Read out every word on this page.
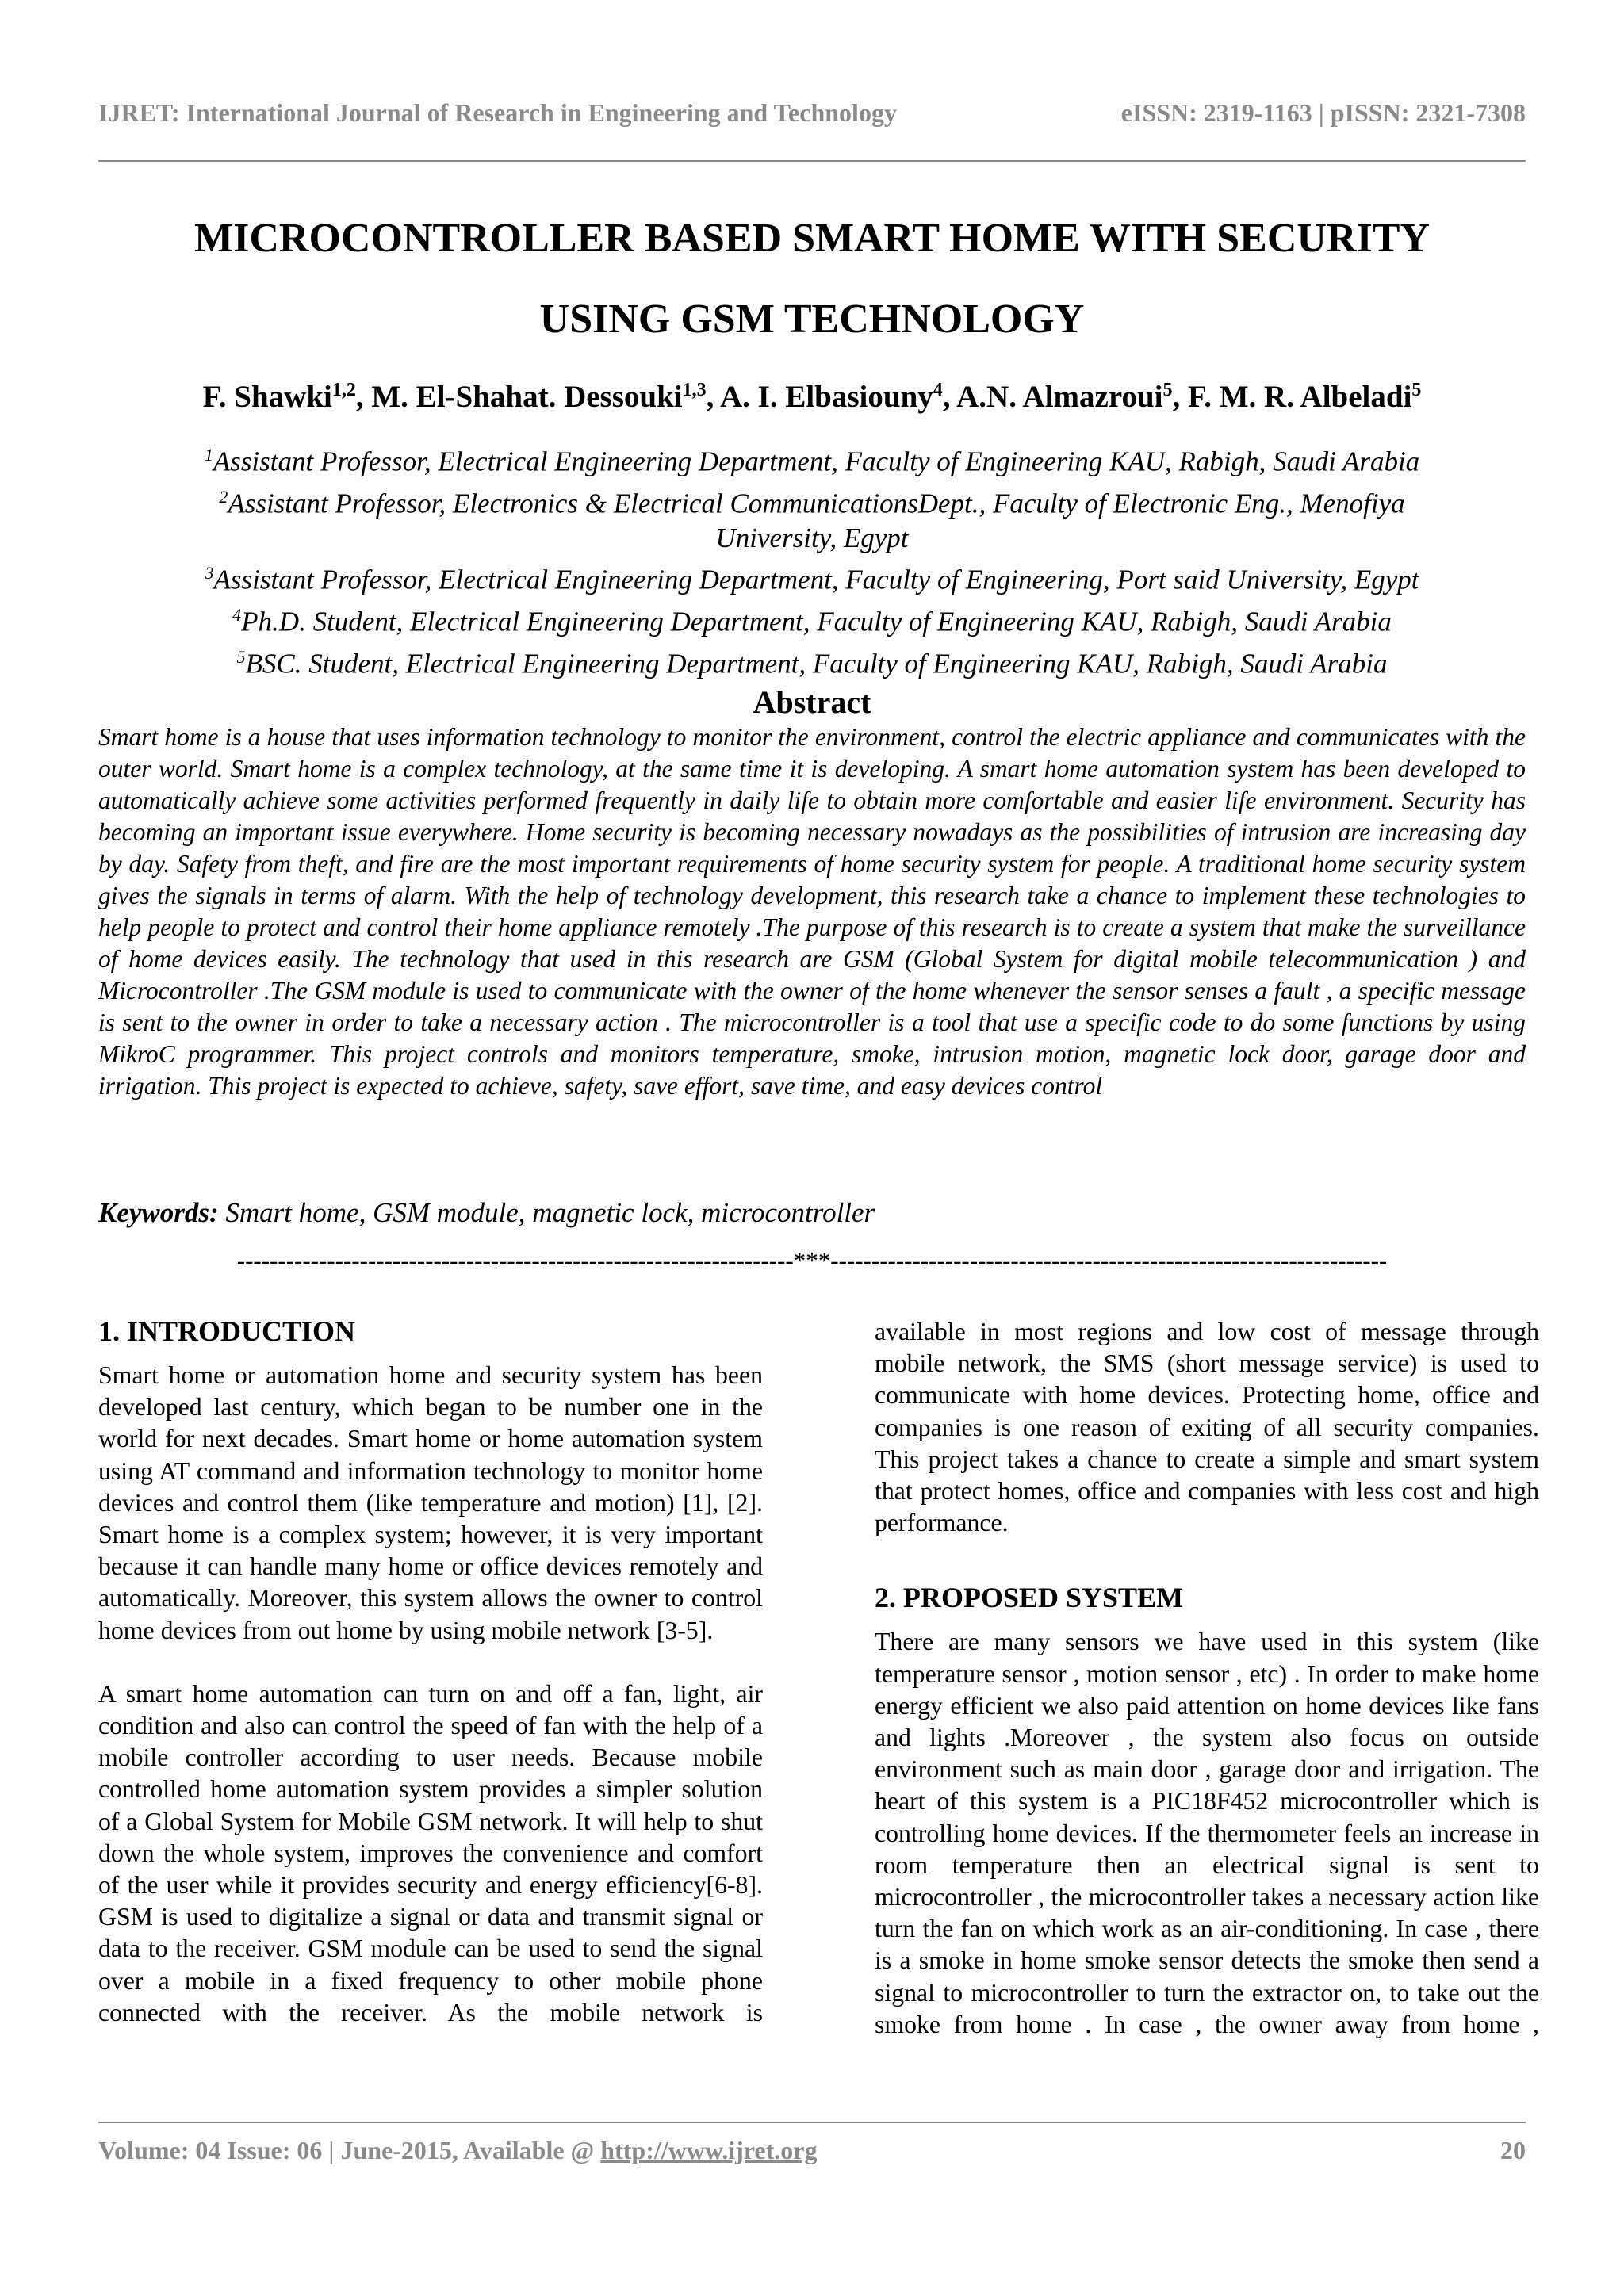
IJRET: International Journal of Research in Engineering and Technology	eISSN: 2319-1163 | pISSN: 2321-7308
MICROCONTROLLER BASED SMART HOME WITH SECURITY
USING GSM TECHNOLOGY
F. Shawki$^{1,2}$, M. El-Shahat. Dessouki$^{1,3}$, A. I. Elbasiouny$^4$, A.N. Almazroui$^5$, F. M. R. Albeladi$^5$
$^1$Assistant Professor, Electrical Engineering Department, Faculty of Engineering KAU, Rabigh, Saudi Arabia
$^2$Assistant Professor, Electronics & Electrical CommunicationsDept., Faculty of Electronic Eng., Menofiya
University, Egypt
$^3$Assistant Professor, Electrical Engineering Department, Faculty of Engineering, Port said University, Egypt
$^4$Ph.D. Student, Electrical Engineering Department, Faculty of Engineering KAU, Rabigh, Saudi Arabia
$^5$BSC. Student, Electrical Engineering Department, Faculty of Engineering KAU, Rabigh, Saudi Arabia
Abstract

Smart home is a house that uses information technology to monitor the environment, control the electric appliance and communicates with the outer world. Smart home is a complex technology, at the same time it is developing. A smart home automation system has been developed to automatically achieve some activities performed frequently in daily life to obtain more comfortable and easier life environment. Security has becoming an important issue everywhere. Home security is becoming necessary nowadays as the possibilities of intrusion are increasing day by day. Safety from theft, and fire are the most important requirements of home security system for people. A traditional home security system gives the signals in terms of alarm. With the help of technology development, this research take a chance to implement these technologies to help people to protect and control their home appliance remotely .The purpose of this research is to create a system that make the surveillance of home devices easily. The technology that used in this research are GSM (Global System for digital mobile telecommunication ) and Microcontroller .The GSM module is used to communicate with the owner of the home whenever the sensor senses a fault , a specific message is sent to the owner in order to take a necessary action . The microcontroller is a tool that use a specific code to do some functions by using MikroC programmer. This project controls and monitors temperature, smoke, intrusion motion, magnetic lock door, garage door and irrigation. This project is expected to achieve, safety, save effort, save time, and easy devices control

Keywords: Smart home, GSM module, magnetic lock, microcontroller

--------------------------------------------------------------------***--------------------------------------------------------------------
1. INTRODUCTION

Smart home or automation home and security system has been developed last century, which began to be number one in the world for next decades. Smart home or home automation system using AT command and information technology to monitor home devices and control them (like temperature and motion) [1], [2]. Smart home is a complex system; however, it is very important because it can handle many home or office devices remotely and automatically. Moreover, this system allows the owner to control home devices from out home by using mobile network [3-5].

A smart home automation can turn on and off a fan, light, air condition and also can control the speed of fan with the help of a mobile controller according to user needs. Because mobile controlled home automation system provides a simpler solution of a Global System for Mobile GSM network. It will help to shut down the whole system, improves the convenience and comfort of the user while it provides security and energy efficiency[6-8]. GSM is used to digitalize a signal or data and transmit signal or data to the receiver. GSM module can be used to send the signal over a mobile in a fixed frequency to other mobile phone connected with the receiver. As the mobile network is

available in most regions and low cost of message through mobile network, the SMS (short message service) is used to communicate with home devices. Protecting home, office and companies is one reason of exiting of all security companies. This project takes a chance to create a simple and smart system that protect homes, office and companies with less cost and high performance.

2. PROPOSED SYSTEM

There are many sensors we have used in this system (like temperature sensor , motion sensor , etc) . In order to make home energy efficient we also paid attention on home devices like fans and lights .Moreover , the system also focus on outside environment such as main door , garage door and irrigation. The heart of this system is a PIC18F452 microcontroller which is controlling home devices. If the thermometer feels an increase in room temperature then an electrical signal is sent to microcontroller , the microcontroller takes a necessary action like turn the fan on which work as an air-conditioning. In case , there is a smoke in home smoke sensor detects the smoke then send a signal to microcontroller to turn the extractor on, to take out the smoke from home . In case , the owner away from home ,

Volume: 04 Issue: 06 | June-2015, Available @ http://www.ijret.org	20
